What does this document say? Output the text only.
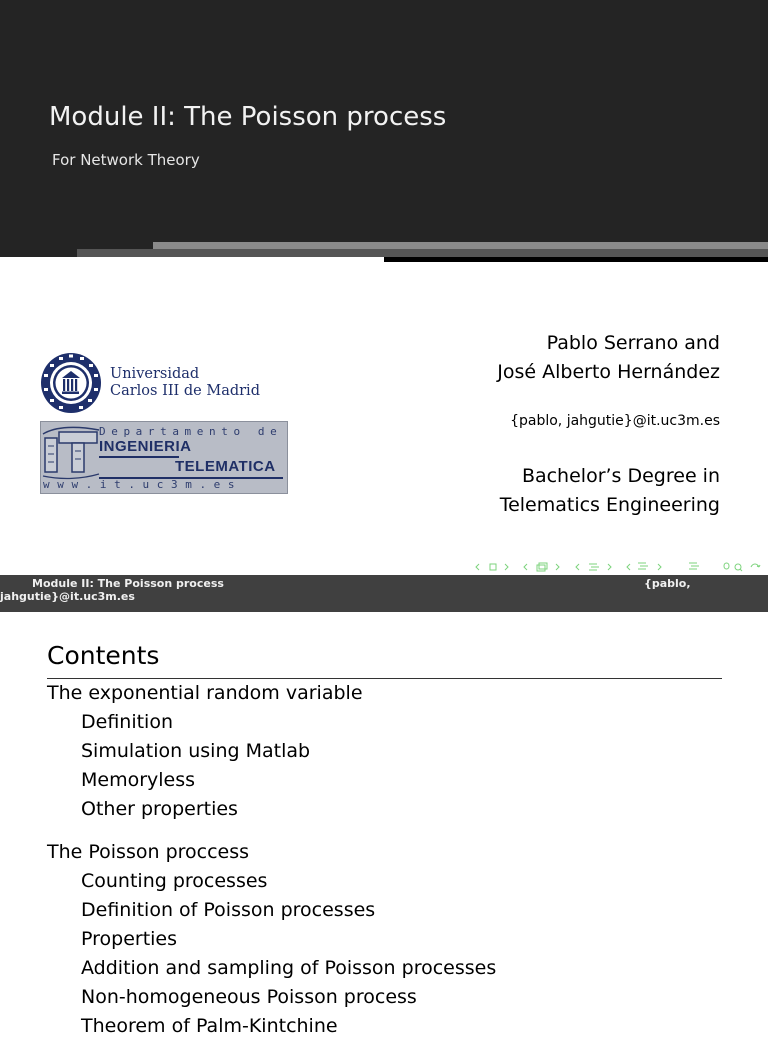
Module II: The Poisson process
For Network Theory
Universidad
Carlos III de Madrid
Departamento de
INGENIERIA
TELEMATICA
www.it.uc3m.es
Pablo Serrano and
José Alberto Hernández
{pablo, jahgutie}@it.uc3m.es
Bachelor’s Degree in
Telematics Engineering
Module II: The Poisson process	{pablo,
jahgutie}@it.uc3m.es
Contents
The exponential random variable
Definition
Simulation using Matlab
Memoryless
Other properties
The Poisson proccess
Counting processes
Definition of Poisson processes
Properties
Addition and sampling of Poisson processes
Non-homogeneous Poisson process
Theorem of Palm-Kintchine
